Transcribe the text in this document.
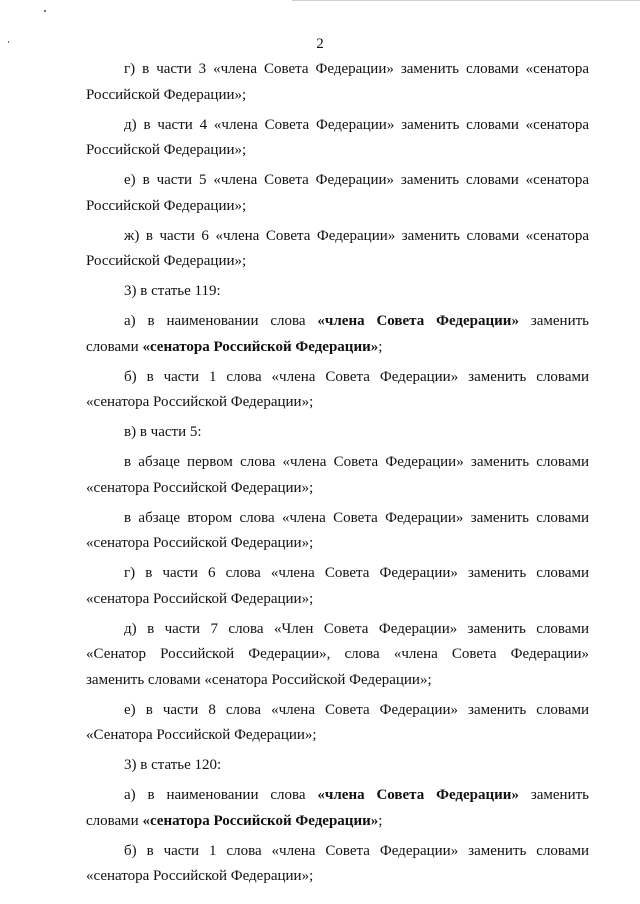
2
г) в части 3 «члена Совета Федерации» заменить словами «сенатора
Российской Федерации»;
д) в части 4 «члена Совета Федерации» заменить словами «сенатора
Российской Федерации»;
е) в части 5 «члена Совета Федерации» заменить словами «сенатора
Российской Федерации»;
ж) в части 6 «члена Совета Федерации» заменить словами «сенатора
Российской Федерации»;
3) в статье 119:
а) в наименовании слова «члена Совета Федерации» заменить
словами «сенатора Российской Федерации»;
б) в части 1 слова «члена Совета Федерации» заменить словами
«сенатора Российской Федерации»;
в) в части 5:
в абзаце первом слова «члена Совета Федерации» заменить словами
«сенатора Российской Федерации»;
в абзаце втором слова «члена Совета Федерации» заменить словами
«сенатора Российской Федерации»;
г) в части 6 слова «члена Совета Федерации» заменить словами
«сенатора Российской Федерации»;
д) в части 7 слова «Член Совета Федерации» заменить словами
«Сенатор Российской Федерации», слова «члена Совета Федерации»
заменить словами «сенатора Российской Федерации»;
е) в части 8 слова «члена Совета Федерации» заменить словами
«Сенатора Российской Федерации»;
3) в статье 120:
а) в наименовании слова «члена Совета Федерации» заменить
словами «сенатора Российской Федерации»;
б) в части 1 слова «члена Совета Федерации» заменить словами
«сенатора Российской Федерации»;
